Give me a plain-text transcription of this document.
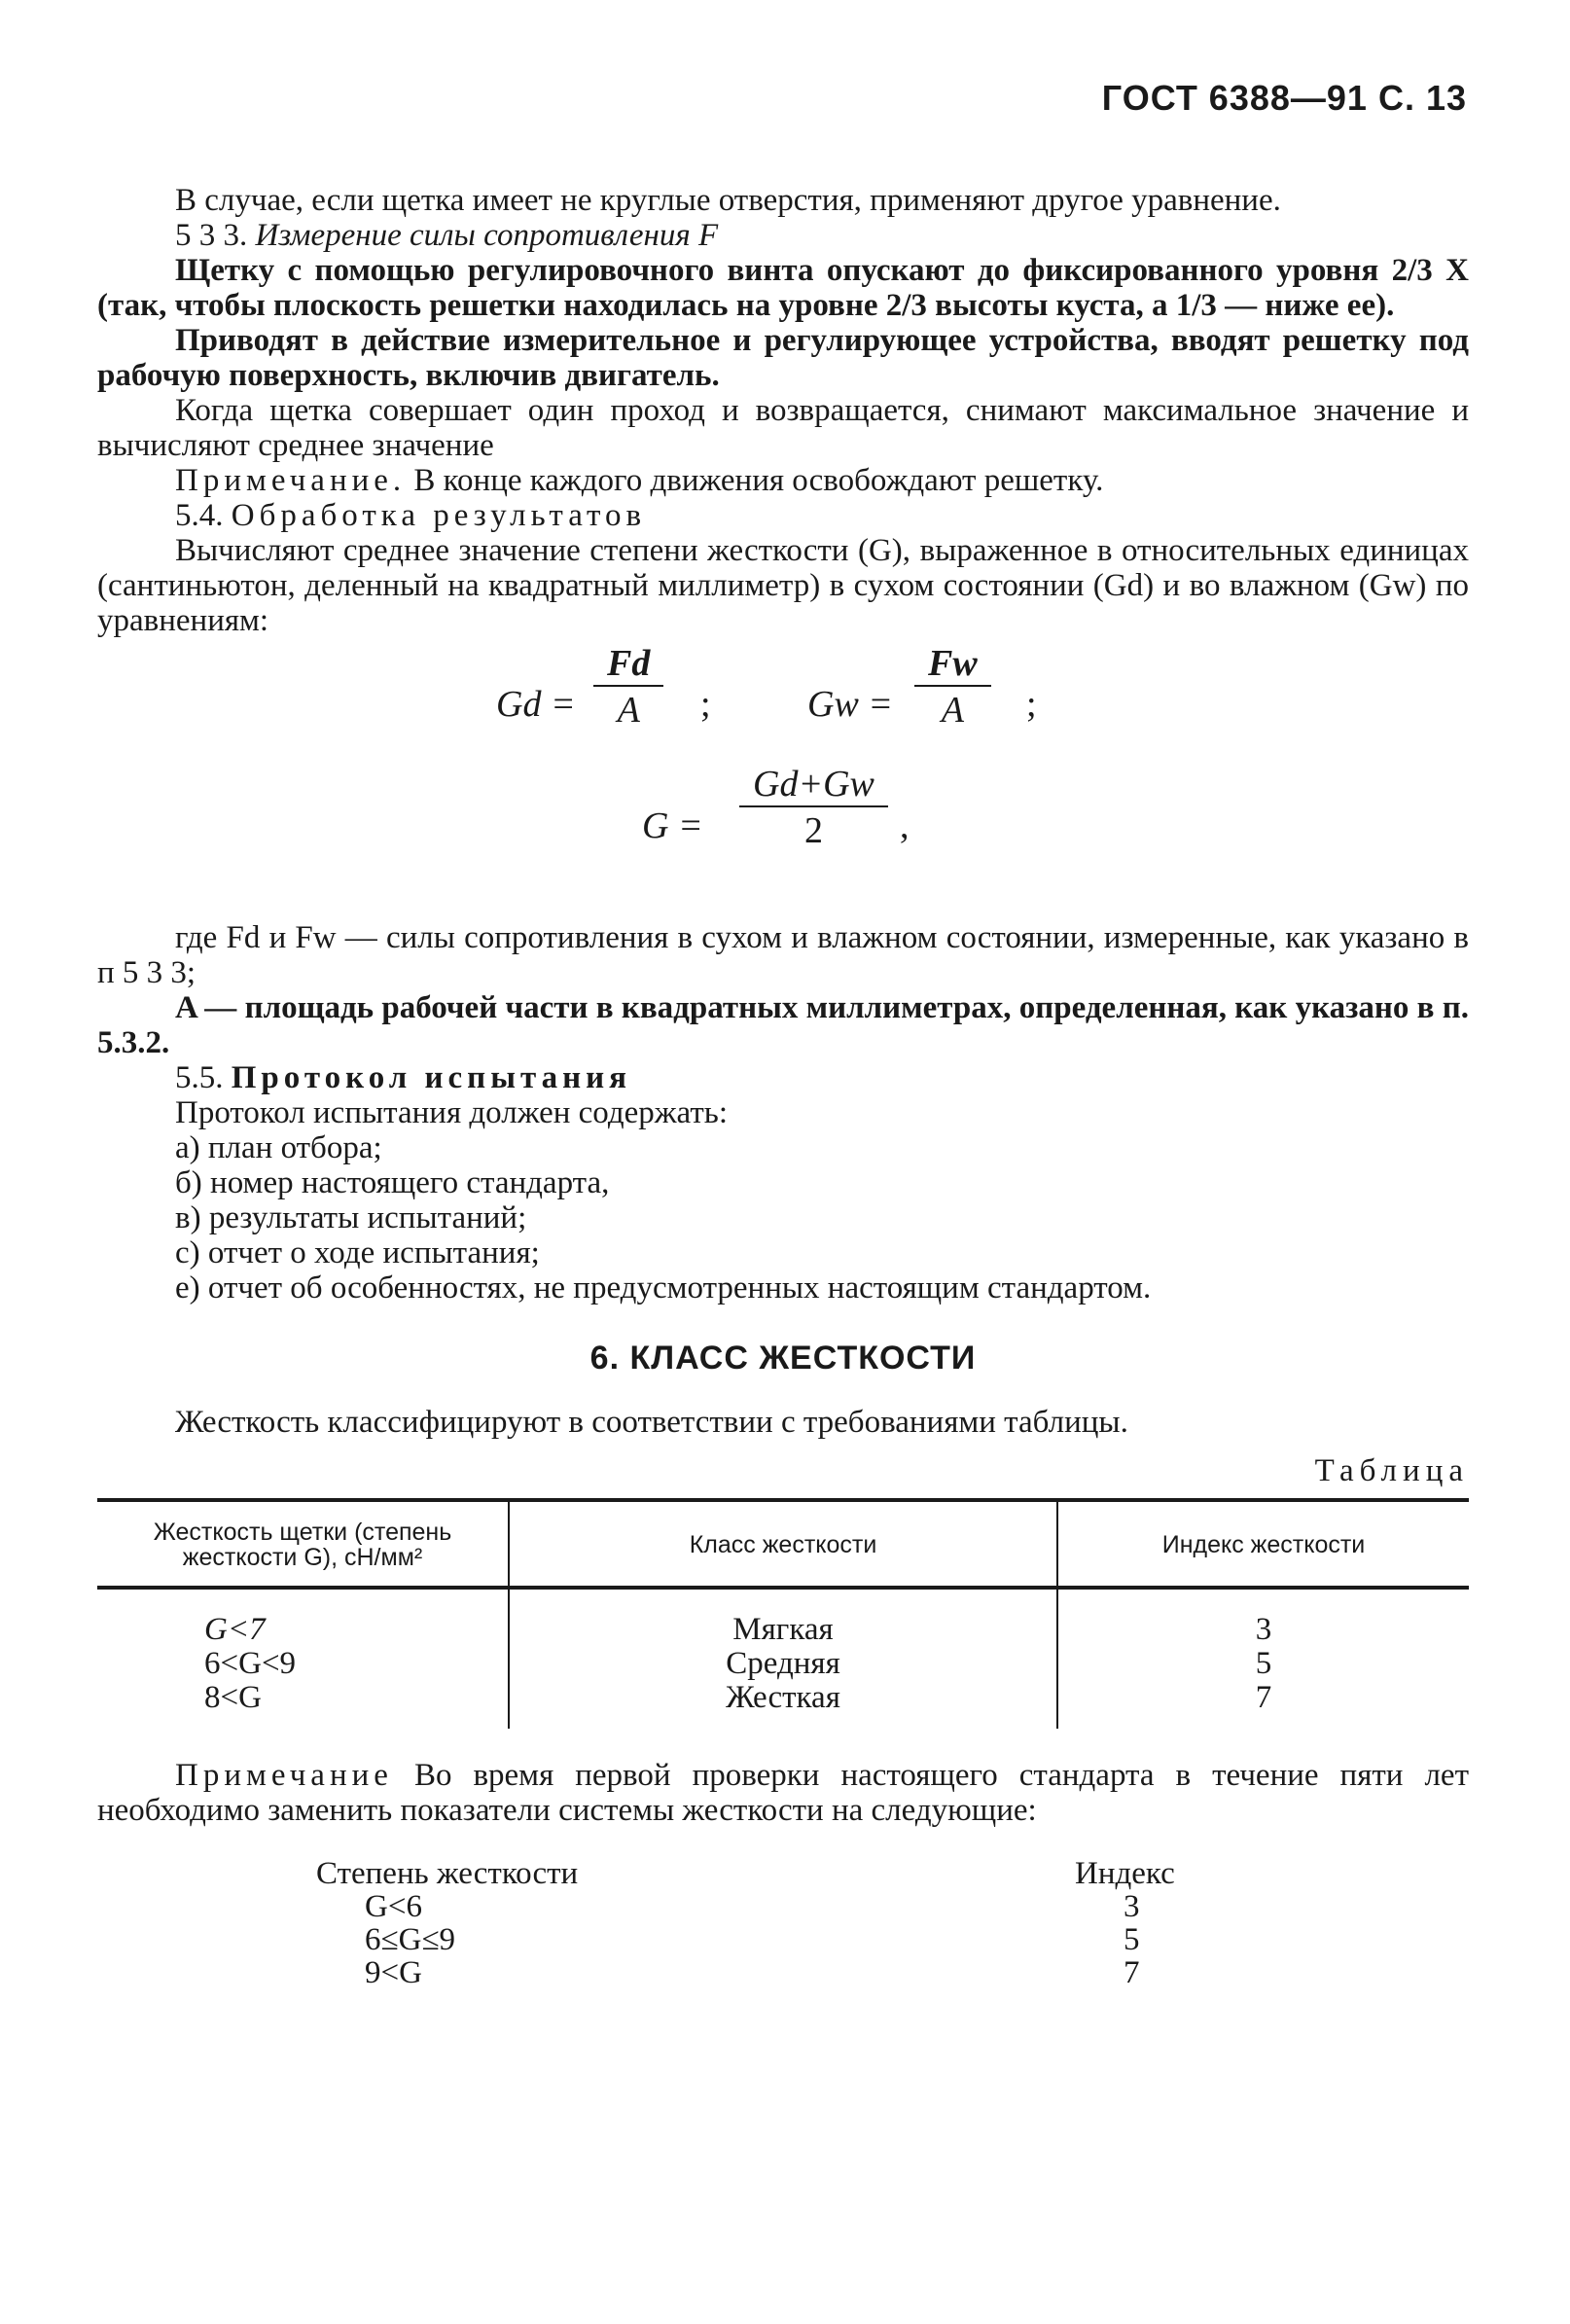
ГОСТ 6388—91 С. 13

В случае, если щетка имеет не круглые отверстия, применяют другое уравнение.

5 3 3. Измерение силы сопротивления F

Щетку с помощью регулировочного винта опускают до фиксированного уровня 2/3 X (так, чтобы плоскость решетки находилась на уровне 2/3 высоты куста, а 1/3 — ниже ее).

Приводят в действие измерительное и регулирующее устройства, вводят решетку под рабочую поверхность, включив двигатель.

Когда щетка совершает один проход и возвращается, снимают максимальное значение и вычисляют среднее значение

Примечание. В конце каждого движения освобождают решетку.

5.4. Обработка результатов

Вычисляют среднее значение степени жесткости (G), выраженное в относительных единицах (сантиньютон, деленный на квадратный миллиметр) в сухом состоянии (Gd) и во влажном (Gw) по уравнениям:

$Gd = \frac{Fd}{A}$ ;	$Gw = \frac{Fw}{A}$ ;
$G = \frac{Gd+Gw}{2}$ ,

где Fd и Fw — силы сопротивления в сухом и влажном состоянии, измеренные, как указано в п 5 3 3;

A — площадь рабочей части в квадратных миллиметрах, определенная, как указано в п. 5.3.2.

5.5. Протокол испытания

Протокол испытания должен содержать:

а) план отбора;

б) номер настоящего стандарта,

в) результаты испытаний;

с) отчет о ходе испытания;

е) отчет об особенностях, не предусмотренных настоящим стандартом.

6. КЛАСС ЖЕСТКОСТИ

Жесткость классифицируют в соответствии с требованиями таблицы.

Таблица
Жесткость щетки (степень жесткости G), сН/мм²	Класс жесткости	Индекс жесткости
G<7	Мягкая	3
6<G<9	Средняя	5
8<G	Жесткая	7

Примечание Во время первой проверки настоящего стандарта в течение пяти лет необходимо заменить показатели системы жесткости на следующие:

Степень жесткости	Индекс
G<6	3
6≤G≤9	5
9<G	7
